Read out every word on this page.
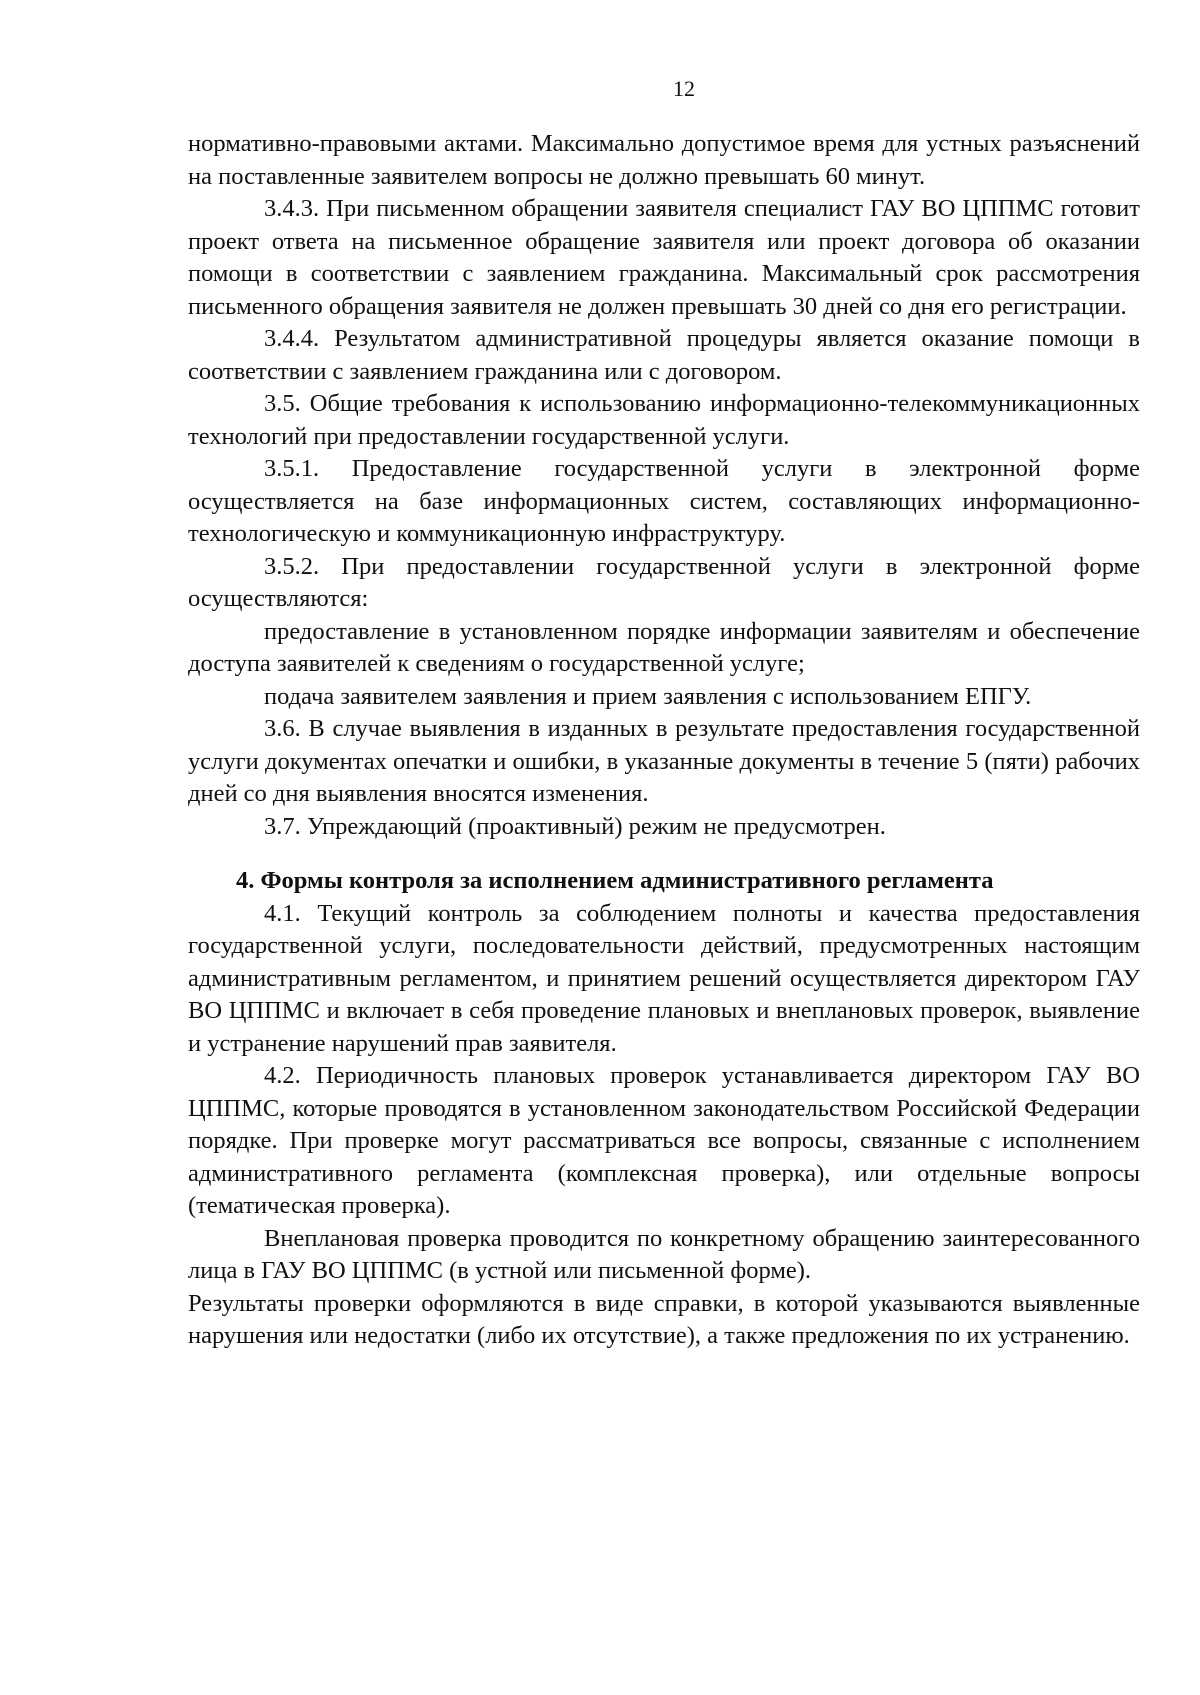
12

нормативно-правовыми актами. Максимально допустимое время для устных разъяснений на поставленные заявителем вопросы не должно превышать 60 минут.

3.4.3. При письменном обращении заявителя специалист ГАУ ВО ЦППМС готовит проект ответа на письменное обращение заявителя или проект договора об оказании помощи в соответствии с заявлением гражданина. Максимальный срок рассмотрения письменного обращения заявителя не должен превышать 30 дней со дня его регистрации.

3.4.4. Результатом административной процедуры является оказание помощи в соответствии с заявлением гражданина или с договором.

3.5. Общие требования к использованию информационно-телекоммуникационных технологий при предоставлении государственной услуги.

3.5.1. Предоставление государственной услуги в электронной форме осуществляется на базе информационных систем, составляющих информационно-технологическую и коммуникационную инфраструктуру.

3.5.2. При предоставлении государственной услуги в электронной форме осуществляются:

предоставление в установленном порядке информации заявителям и обеспечение доступа заявителей к сведениям о государственной услуге;

подача заявителем заявления и прием заявления с использованием ЕПГУ.

3.6. В случае выявления в изданных в результате предоставления государственной услуги документах опечатки и ошибки, в указанные документы в течение 5 (пяти) рабочих дней со дня выявления вносятся изменения.

3.7. Упреждающий (проактивный) режим не предусмотрен.

4. Формы контроля за исполнением административного регламента

4.1. Текущий контроль за соблюдением полноты и качества предоставления государственной услуги, последовательности действий, предусмотренных настоящим административным регламентом, и принятием решений осуществляется директором ГАУ ВО ЦППМС и включает в себя проведение плановых и внеплановых проверок, выявление и устранение нарушений прав заявителя.

4.2. Периодичность плановых проверок устанавливается директором ГАУ ВО ЦППМС, которые проводятся в установленном законодательством Российской Федерации порядке. При проверке могут рассматриваться все вопросы, связанные с исполнением административного регламента (комплексная проверка), или отдельные вопросы (тематическая проверка).

Внеплановая проверка проводится по конкретному обращению заинтересованного лица в ГАУ ВО ЦППМС (в устной или письменной форме).

Результаты проверки оформляются в виде справки, в которой указываются выявленные нарушения или недостатки (либо их отсутствие), а также предложения по их устранению.
